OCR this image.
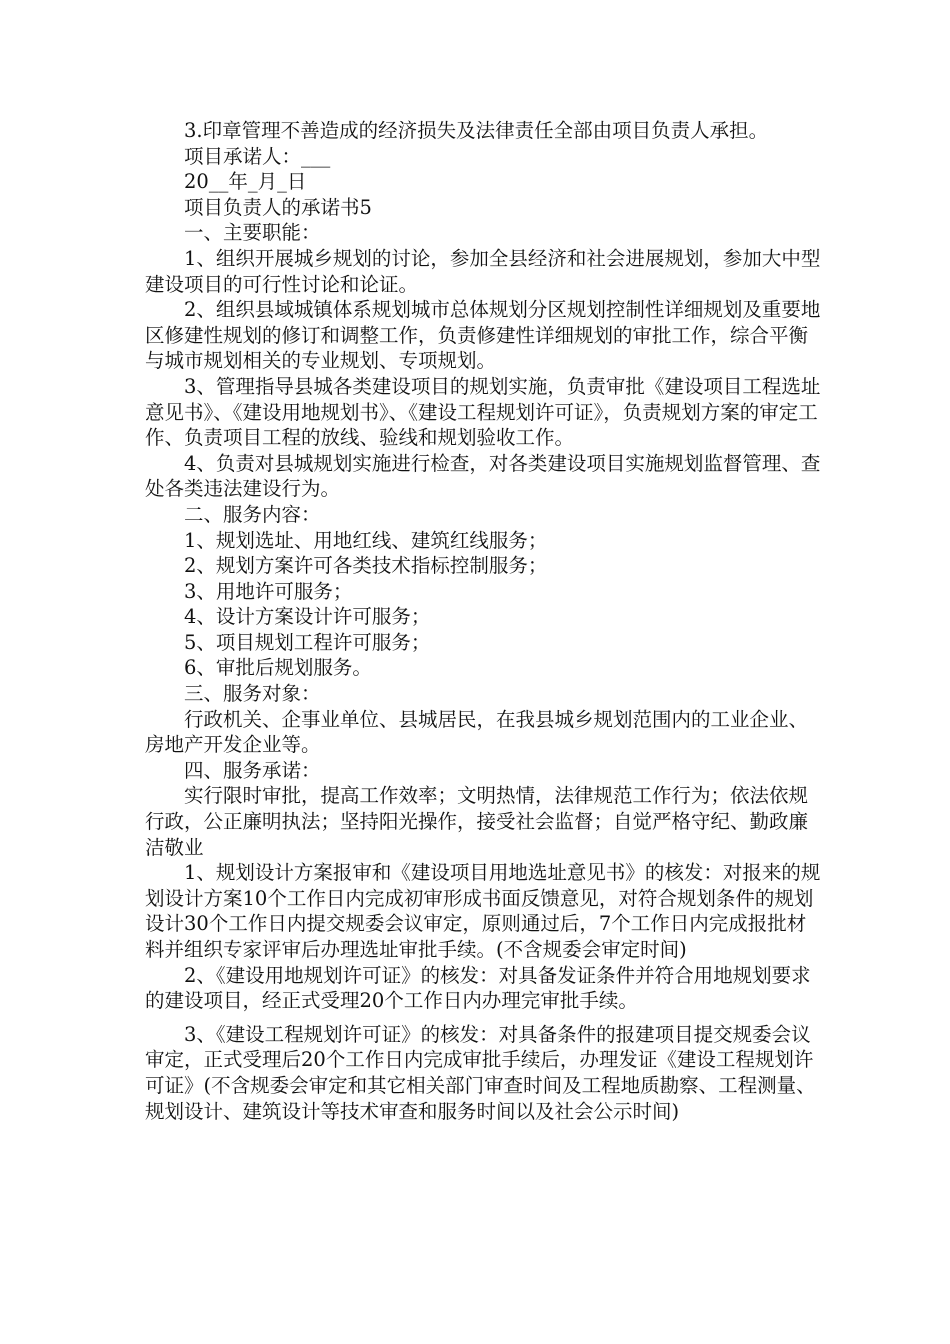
3.印章管理不善造成的经济损失及法律责任全部由项目负责人承担。

项目承诺人：___

20__年_月_日

项目负责人的承诺书5

一、主要职能：

1、组织开展城乡规划的讨论，参加全县经济和社会进展规划，参加大中型建设项目的可行性讨论和论证。

2、组织县域城镇体系规划城市总体规划分区规划控制性详细规划及重要地区修建性规划的修订和调整工作，负责修建性详细规划的审批工作，综合平衡与城市规划相关的专业规划、专项规划。

3、管理指导县城各类建设项目的规划实施，负责审批《建设项目工程选址意见书》、《建设用地规划书》、《建设工程规划许可证》，负责规划方案的审定工作、负责项目工程的放线、验线和规划验收工作。

4、负责对县城规划实施进行检查，对各类建设项目实施规划监督管理、查处各类违法建设行为。

二、服务内容：

1、规划选址、用地红线、建筑红线服务；

2、规划方案许可各类技术指标控制服务；

3、用地许可服务；

4、设计方案设计许可服务；

5、项目规划工程许可服务；

6、审批后规划服务。

三、服务对象：

行政机关、企事业单位、县城居民，在我县城乡规划范围内的工业企业、房地产开发企业等。

四、服务承诺：

实行限时审批，提高工作效率；文明热情，法律规范工作行为；依法依规行政，公正廉明执法；坚持阳光操作，接受社会监督；自觉严格守纪、勤政廉洁敬业

1、规划设计方案报审和《建设项目用地选址意见书》的核发：对报来的规划设计方案10个工作日内完成初审形成书面反馈意见，对符合规划条件的规划设计30个工作日内提交规委会议审定，原则通过后，7个工作日内完成报批材料并组织专家评审后办理选址审批手续。(不含规委会审定时间)

2、《建设用地规划许可证》的核发：对具备发证条件并符合用地规划要求的建设项目，经正式受理20个工作日内办理完审批手续。

3、《建设工程规划许可证》的核发：对具备条件的报建项目提交规委会议审定，正式受理后20个工作日内完成审批手续后，办理发证《建设工程规划许可证》(不含规委会审定和其它相关部门审查时间及工程地质勘察、工程测量、规划设计、建筑设计等技术审查和服务时间以及社会公示时间)
